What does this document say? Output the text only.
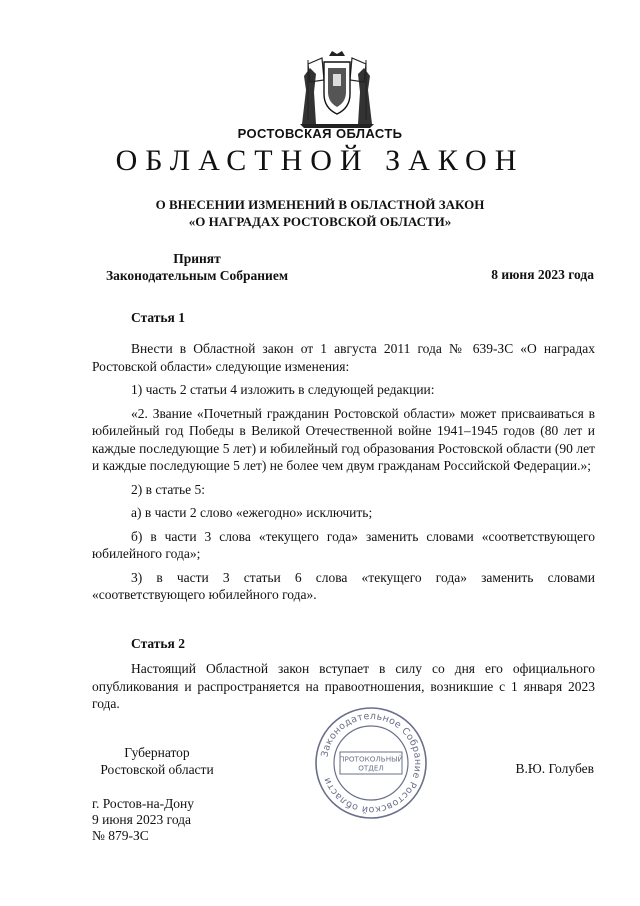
РОСТОВСКАЯ ОБЛАСТЬ
ОБЛАСТНОЙ ЗАКОН
О ВНЕСЕНИИ ИЗМЕНЕНИЙ В ОБЛАСТНОЙ ЗАКОН
«О НАГРАДАХ РОСТОВСКОЙ ОБЛАСТИ»
Принят
Законодательным Собранием	8 июня 2023 года
Статья 1

Внести в Областной закон от 1 августа 2011 года № 639-ЗС «О наградах Ростовской области» следующие изменения:

1) часть 2 статьи 4 изложить в следующей редакции:

«2. Звание «Почетный гражданин Ростовской области» может присваиваться в юбилейный год Победы в Великой Отечественной войне 1941–1945 годов (80 лет и каждые последующие 5 лет) и юбилейный год образования Ростовской области (90 лет и каждые последующие 5 лет) не более чем двум гражданам Российской Федерации.»;

2) в статье 5:

а) в части 2 слово «ежегодно» исключить;

б) в части 3 слова «текущего года» заменить словами «соответствующего юбилейного года»;

3) в части 3 статьи 6 слова «текущего года» заменить словами «соответствующего юбилейного года».

Статья 2

Настоящий Областной закон вступает в силу со дня его официального опубликования и распространяется на правоотношения, возникшие с 1 января 2023 года.

Законодательное Собрание Ростовской области
ПРОТОКОЛЬНЫЙ
ОТДЕЛ
Губернатор
Ростовской области	В.Ю. Голубев
г. Ростов-на-Дону
9 июня 2023 года
№ 879-ЗС
